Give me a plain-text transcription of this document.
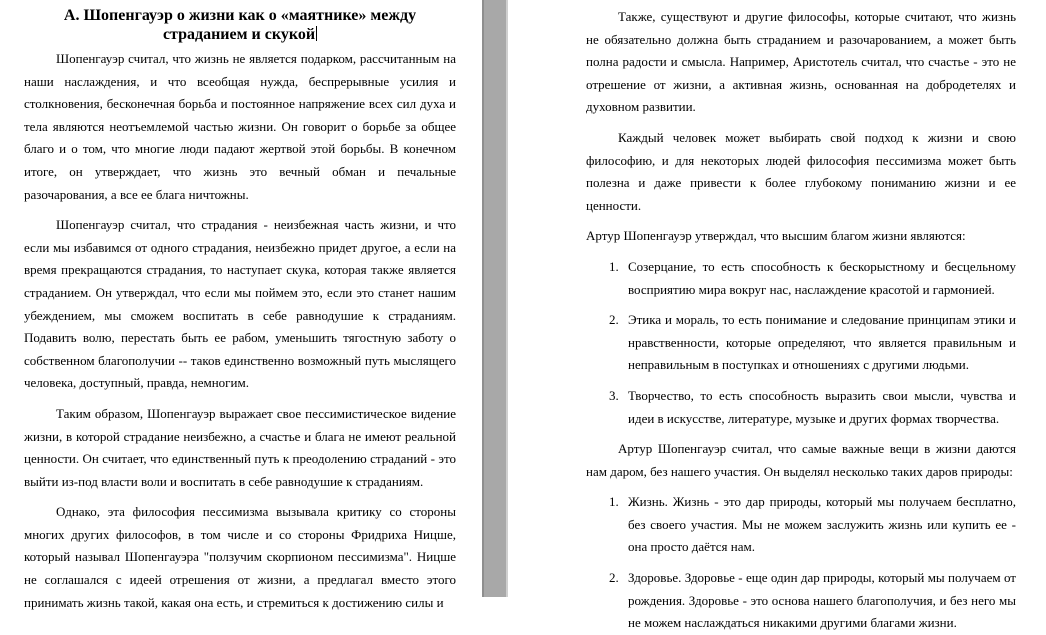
А. Шопенгауэр о жизни как о «маятнике» между страданием и скукой

Шопенгауэр считал, что жизнь не является подарком, рассчитанным на наши наслаждения, и что всеобщая нужда, беспрерывные усилия и столкновения, бесконечная борьба и постоянное напряжение всех сил духа и тела являются неотъемлемой частью жизни. Он говорит о борьбе за общее благо и о том, что многие люди падают жертвой этой борьбы. В конечном итоге, он утверждает, что жизнь это вечный обман и печальные разочарования, а все ее блага ничтожны.

Шопенгауэр считал, что страдания - неизбежная часть жизни, и что если мы избавимся от одного страдания, неизбежно придет другое, а если на время прекращаются страдания, то наступает скука, которая также является страданием. Он утверждал, что если мы поймем это, если это станет нашим убеждением, мы сможем воспитать в себе равнодушие к страданиям. Подавить волю, перестать быть ее рабом, уменьшить тягостную заботу о собственном благополучии -- таков единственно возможный путь мыслящего человека, доступный, правда, немногим.

Таким образом, Шопенгауэр выражает свое пессимистическое видение жизни, в которой страдание неизбежно, а счастье и блага не имеют реальной ценности. Он считает, что единственный путь к преодолению страданий - это выйти из-под власти воли и воспитать в себе равнодушие к страданиям.

Однако, эта философия пессимизма вызывала критику со стороны многих других философов, в том числе и со стороны Фридриха Ницше, который называл Шопенгауэра "ползучим скорпионом пессимизма". Ницше не соглашался с идеей отрешения от жизни, а предлагал вместо этого принимать жизнь такой, какая она есть, и стремиться к достижению силы и

Также, существуют и другие философы, которые считают, что жизнь не обязательно должна быть страданием и разочарованием, а может быть полна радости и смысла. Например, Аристотель считал, что счастье - это не отрешение от жизни, а активная жизнь, основанная на добродетелях и духовном развитии.

Каждый человек может выбирать свой подход к жизни и свою философию, и для некоторых людей философия пессимизма может быть полезна и даже привести к более глубокому пониманию жизни и ее ценности.

Артур Шопенгауэр утверждал, что высшим благом жизни являются:

1. Созерцание, то есть способность к бескорыстному и бесцельному восприятию мира вокруг нас, наслаждение красотой и гармонией.
2. Этика и мораль, то есть понимание и следование принципам этики и нравственности, которые определяют, что является правильным и неправильным в поступках и отношениях с другими людьми.
3. Творчество, то есть способность выразить свои мысли, чувства и идеи в искусстве, литературе, музыке и других формах творчества.

Артур Шопенгауэр считал, что самые важные вещи в жизни даются нам даром, без нашего участия. Он выделял несколько таких даров природы:

1. Жизнь. Жизнь - это дар природы, который мы получаем бесплатно, без своего участия. Мы не можем заслужить жизнь или купить ее - она просто даётся нам.
2. Здоровье. Здоровье - еще один дар природы, который мы получаем от рождения. Здоровье - это основа нашего благополучия, и без него мы не можем наслаждаться никакими другими благами жизни.
